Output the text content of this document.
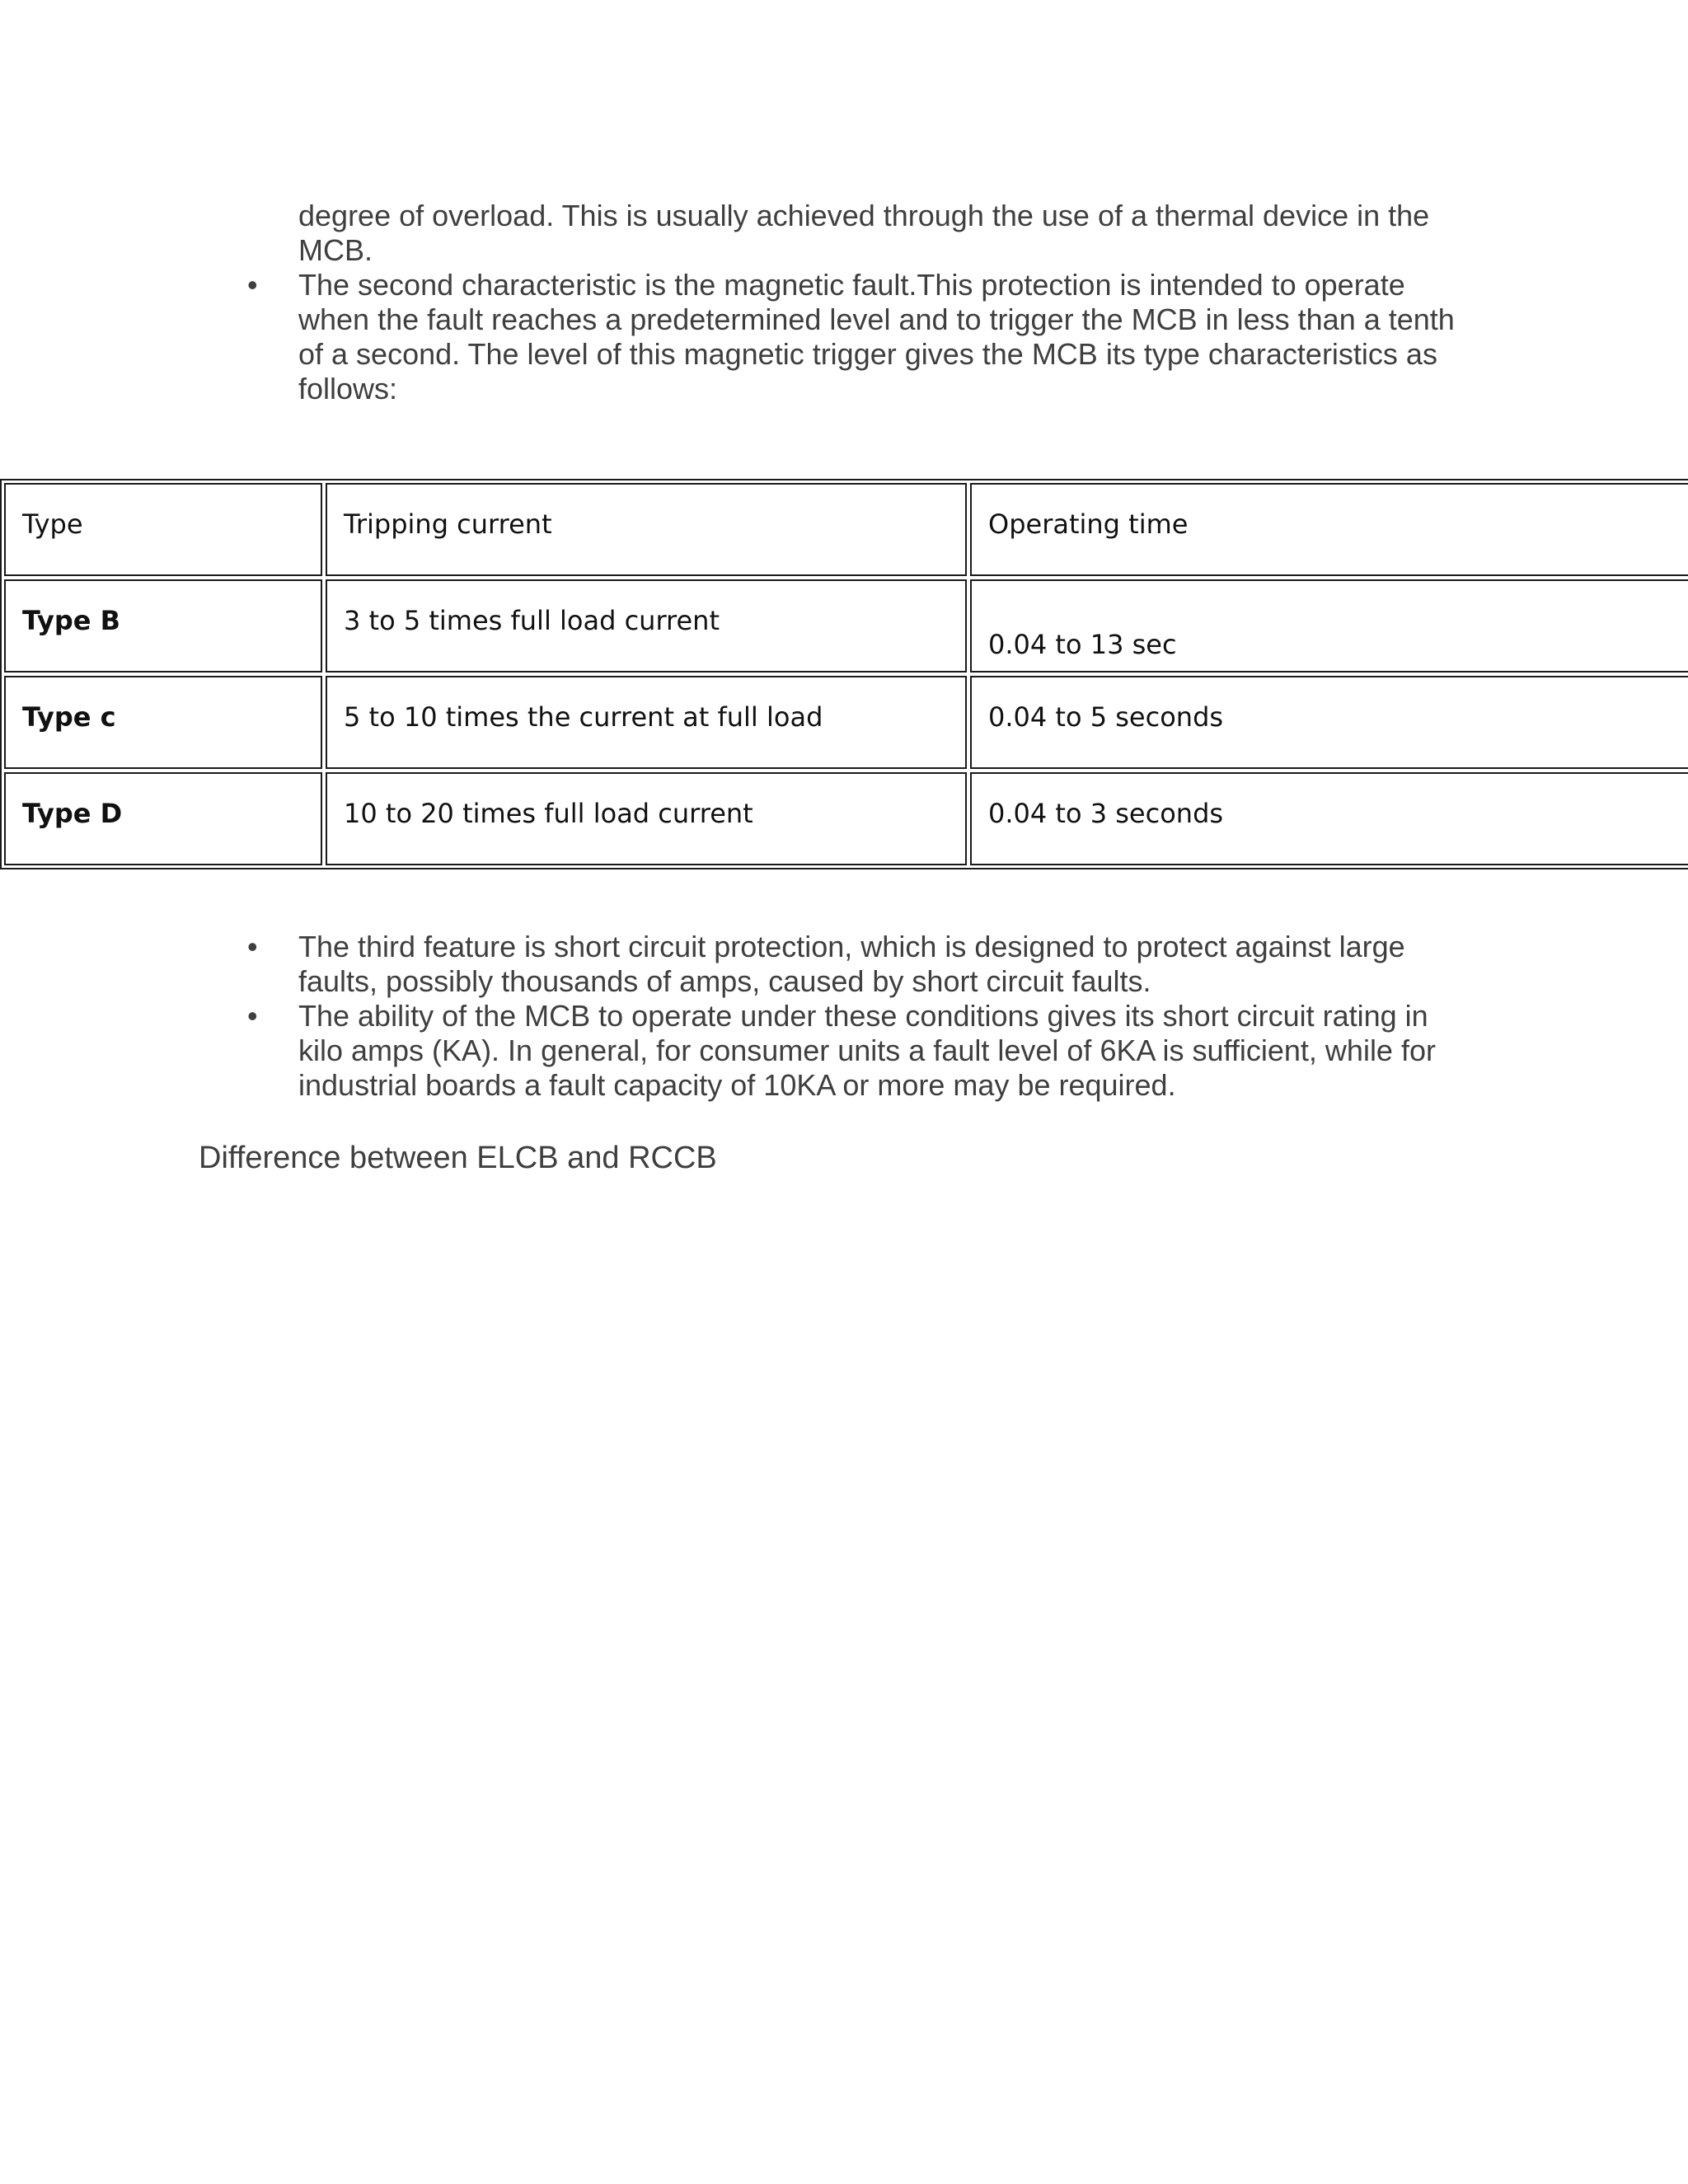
degree of overload. This is usually achieved through the use of a thermal device in the
MCB.
• The second characteristic is the magnetic fault.This protection is intended to operate
when the fault reaches a predetermined level and to trigger the MCB in less than a tenth
of a second. The level of this magnetic trigger gives the MCB its type characteristics as
follows:
Type	Tripping current	Operating time
Type B	3 to 5 times full load current	0.04 to 13 sec
Type c	5 to 10 times the current at full load	0.04 to 5 seconds
Type D	10 to 20 times full load current	0.04 to 3 seconds
• The third feature is short circuit protection, which is designed to protect against large
faults, possibly thousands of amps, caused by short circuit faults.
• The ability of the MCB to operate under these conditions gives its short circuit rating in
kilo amps (KA). In general, for consumer units a fault level of 6KA is sufficient, while for
industrial boards a fault capacity of 10KA or more may be required.
Difference between ELCB and RCCB
